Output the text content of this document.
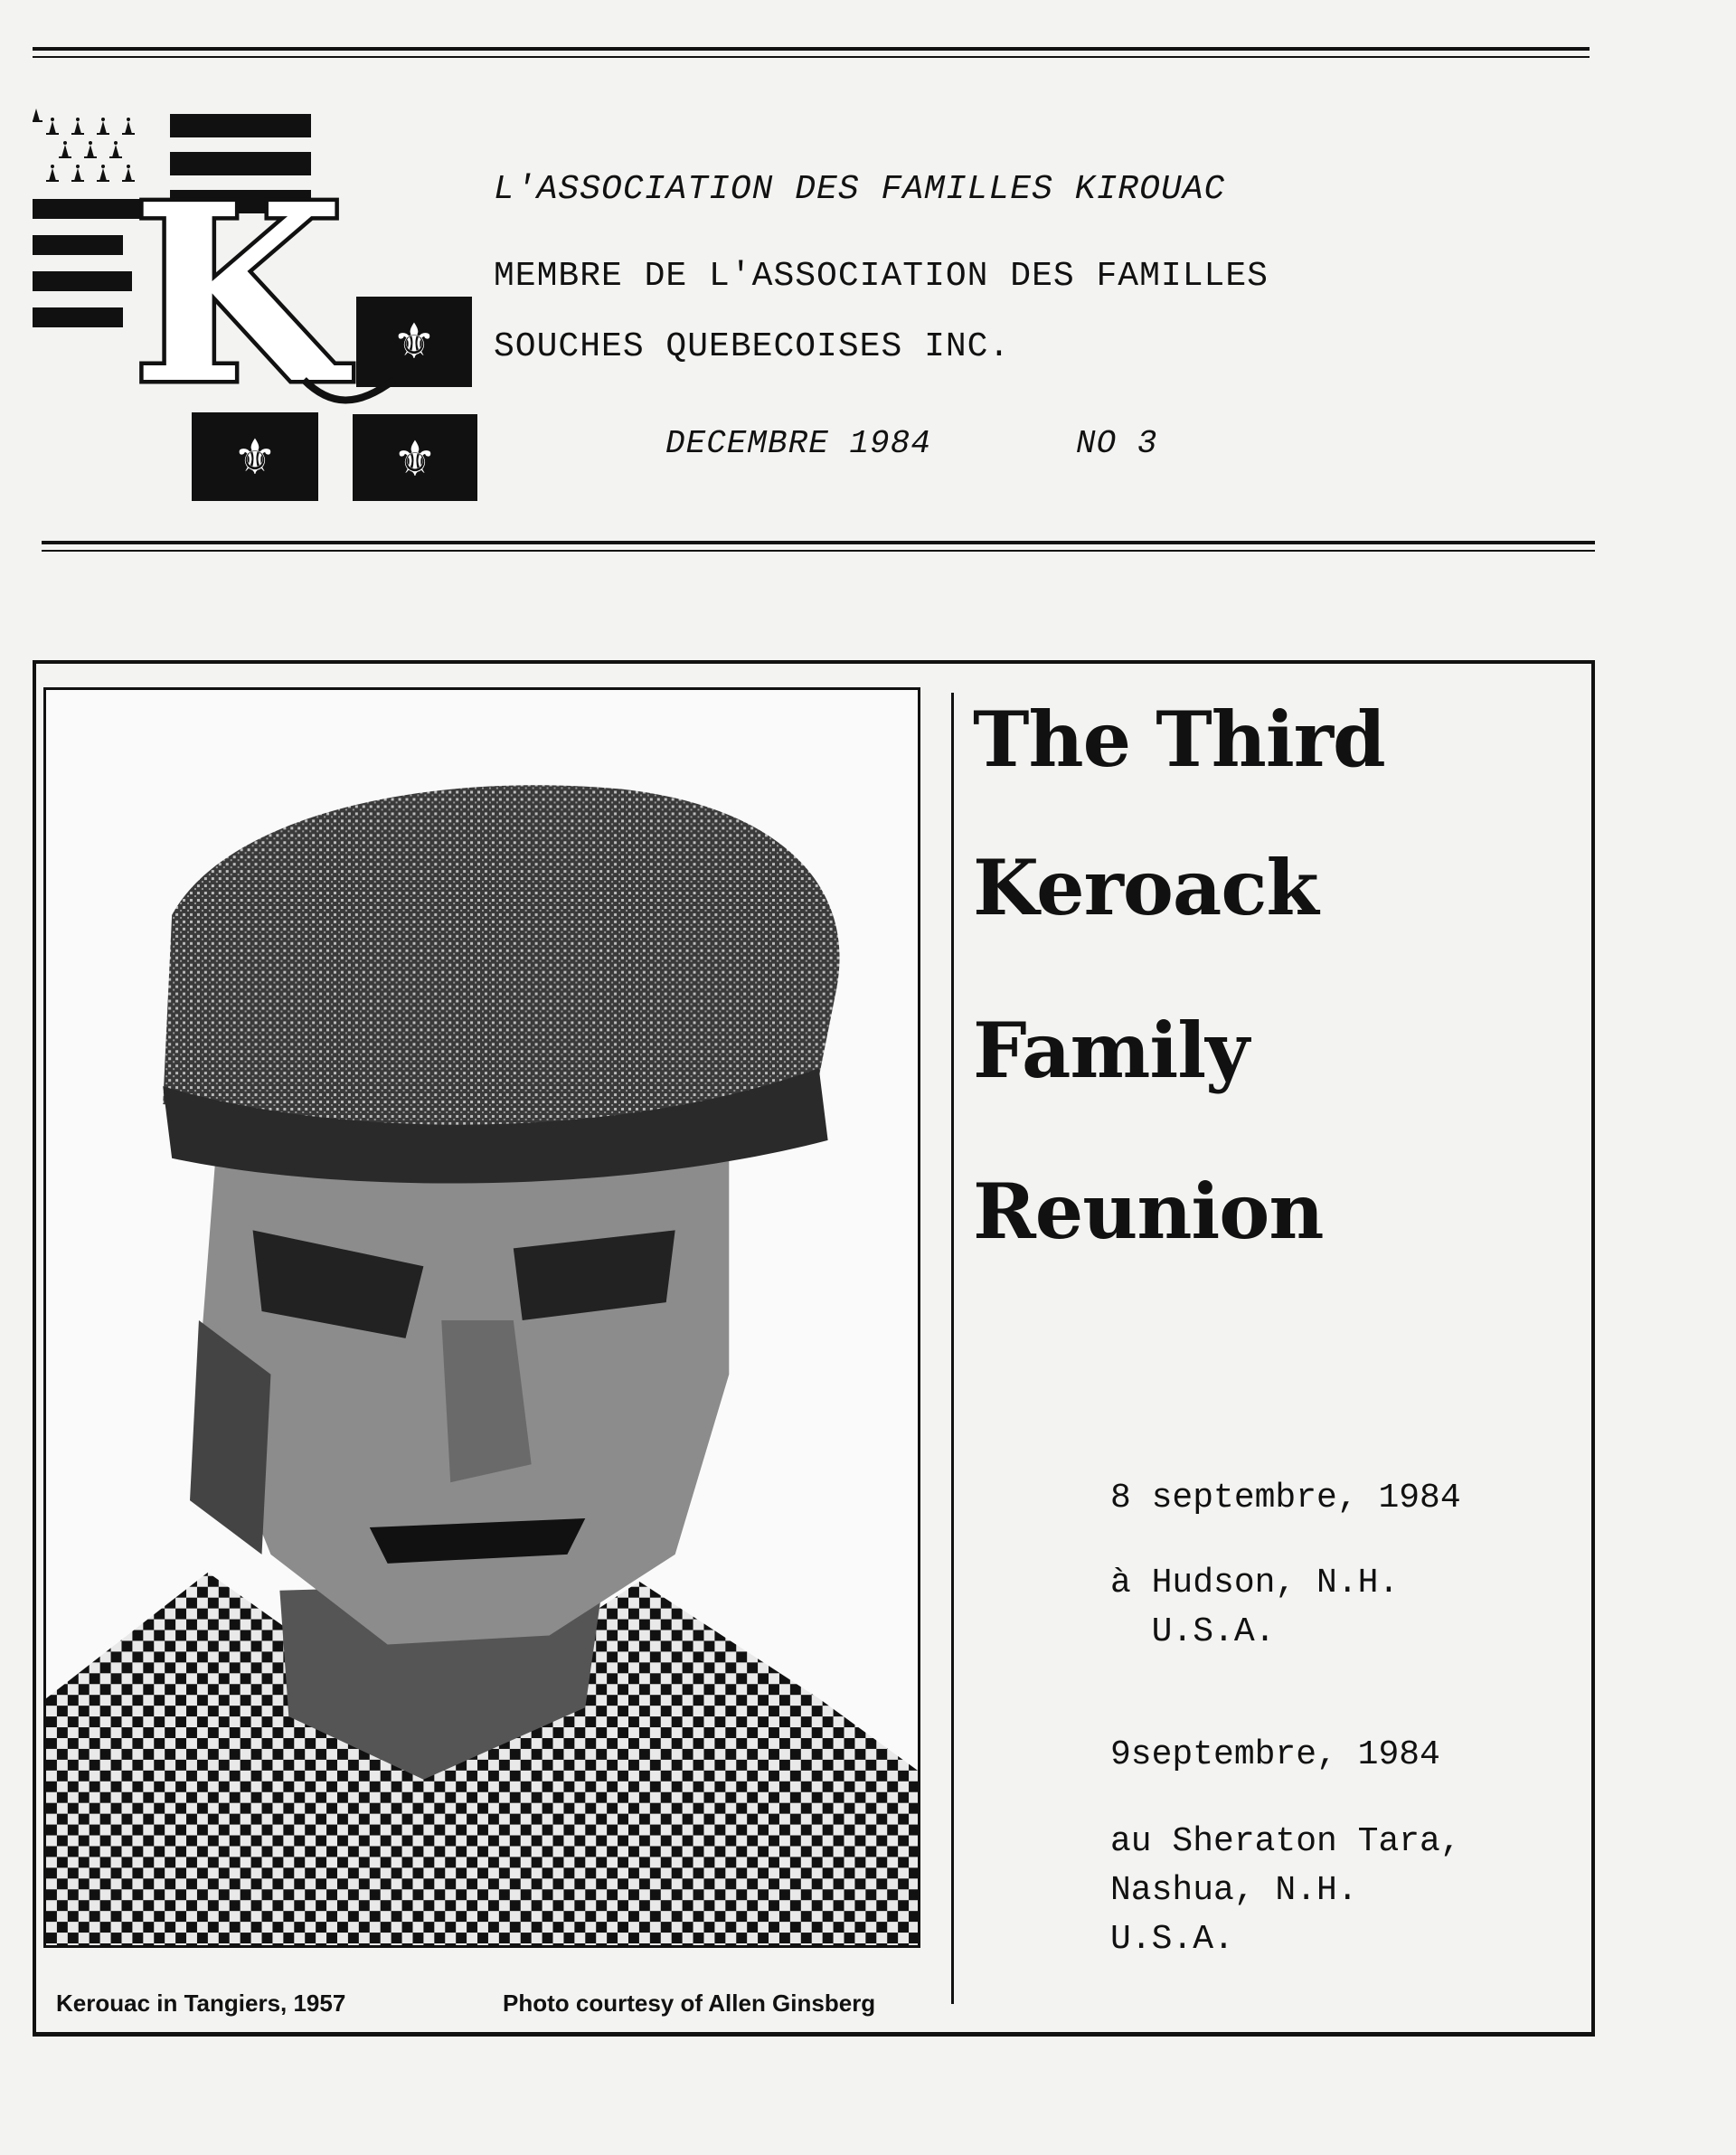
⚜
⚜ ⚜
K	L'ASSOCIATION DES FAMILLES KIROUAC
MEMBRE DE L'ASSOCIATION DES FAMILLES
SOUCHES QUEBECOISES INC.
DECEMBRE 1984	NO 3
Kerouac in Tangiers, 1957	Photo courtesy of Allen Ginsberg
The Third
Keroack
Family
Reunion
8 septembre, 1984
à Hudson, N.H.
U.S.A.
9septembre, 1984
au Sheraton Tara,
Nashua, N.H.
U.S.A.
